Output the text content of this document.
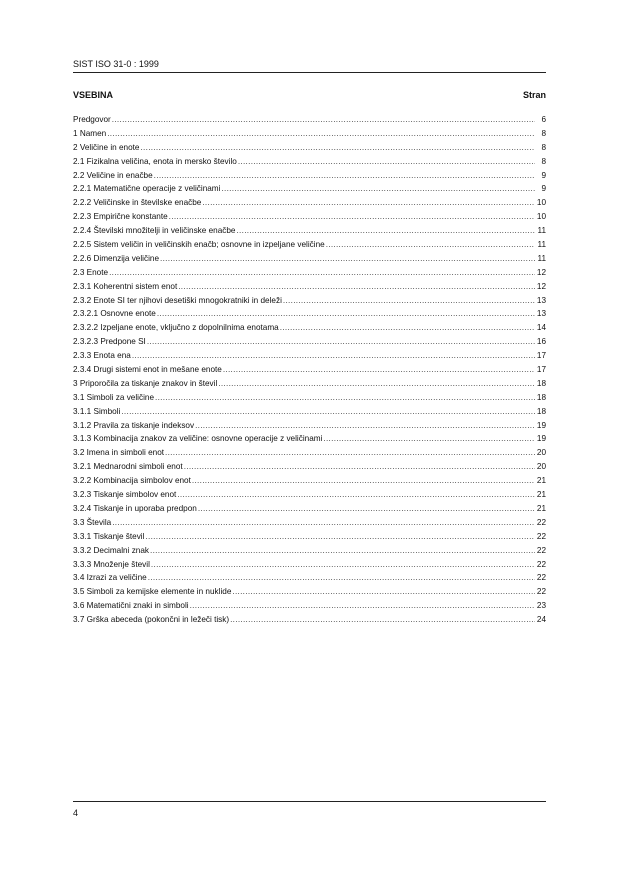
SIST ISO 31-0 : 1999
VSEBINA	Stran
Predgovor .....	6
1 Namen .....	8
2 Veličine in enote .....	8
2.1 Fizikalna veličina, enota in mersko število .....	8
2.2 Veličine in enačbe .....	9
2.2.1 Matematične operacije z veličinami .....	9
2.2.2 Veličinske in številske enačbe .....	10
2.2.3 Empirične konstante .....	10
2.2.4 Številski množitelji in veličinske enačbe .....	11
2.2.5 Sistem veličin in veličinskih enačb; osnovne in izpeljane veličine .....	11
2.2.6 Dimenzija veličine .....	11
2.3 Enote .....	12
2.3.1 Koherentni sistem enot .....	12
2.3.2 Enote SI ter njihovi desetiški mnogokratniki in deleži .....	13
2.3.2.1 Osnovne enote .....	13
2.3.2.2 Izpeljane enote, vključno z dopolnilnima enotama .....	14
2.3.2.3 Predpone SI .....	16
2.3.3 Enota ena .....	17
2.3.4 Drugi sistemi enot in mešane enote .....	17
3 Priporočila za tiskanje znakov in števil .....	18
3.1 Simboli za veličine .....	18
3.1.1 Simboli .....	18
3.1.2 Pravila za tiskanje indeksov .....	19
3.1.3 Kombinacija znakov za veličine: osnovne operacije z veličinami .....	19
3.2 Imena in simboli enot .....	20
3.2.1 Mednarodni simboli enot .....	20
3.2.2 Kombinacija simbolov enot .....	21
3.2.3 Tiskanje simbolov enot .....	21
3.2.4 Tiskanje in uporaba predpon .....	21
3.3 Števila .....	22
3.3.1 Tiskanje števil .....	22
3.3.2 Decimalni znak .....	22
3.3.3 Množenje števil .....	22
3.4 Izrazi za veličine .....	22
3.5 Simboli za kemijske elemente in nuklide .....	22
3.6 Matematični znaki in simboli .....	23
3.7 Grška abeceda (pokončni in ležeči tisk) .....	24
4
